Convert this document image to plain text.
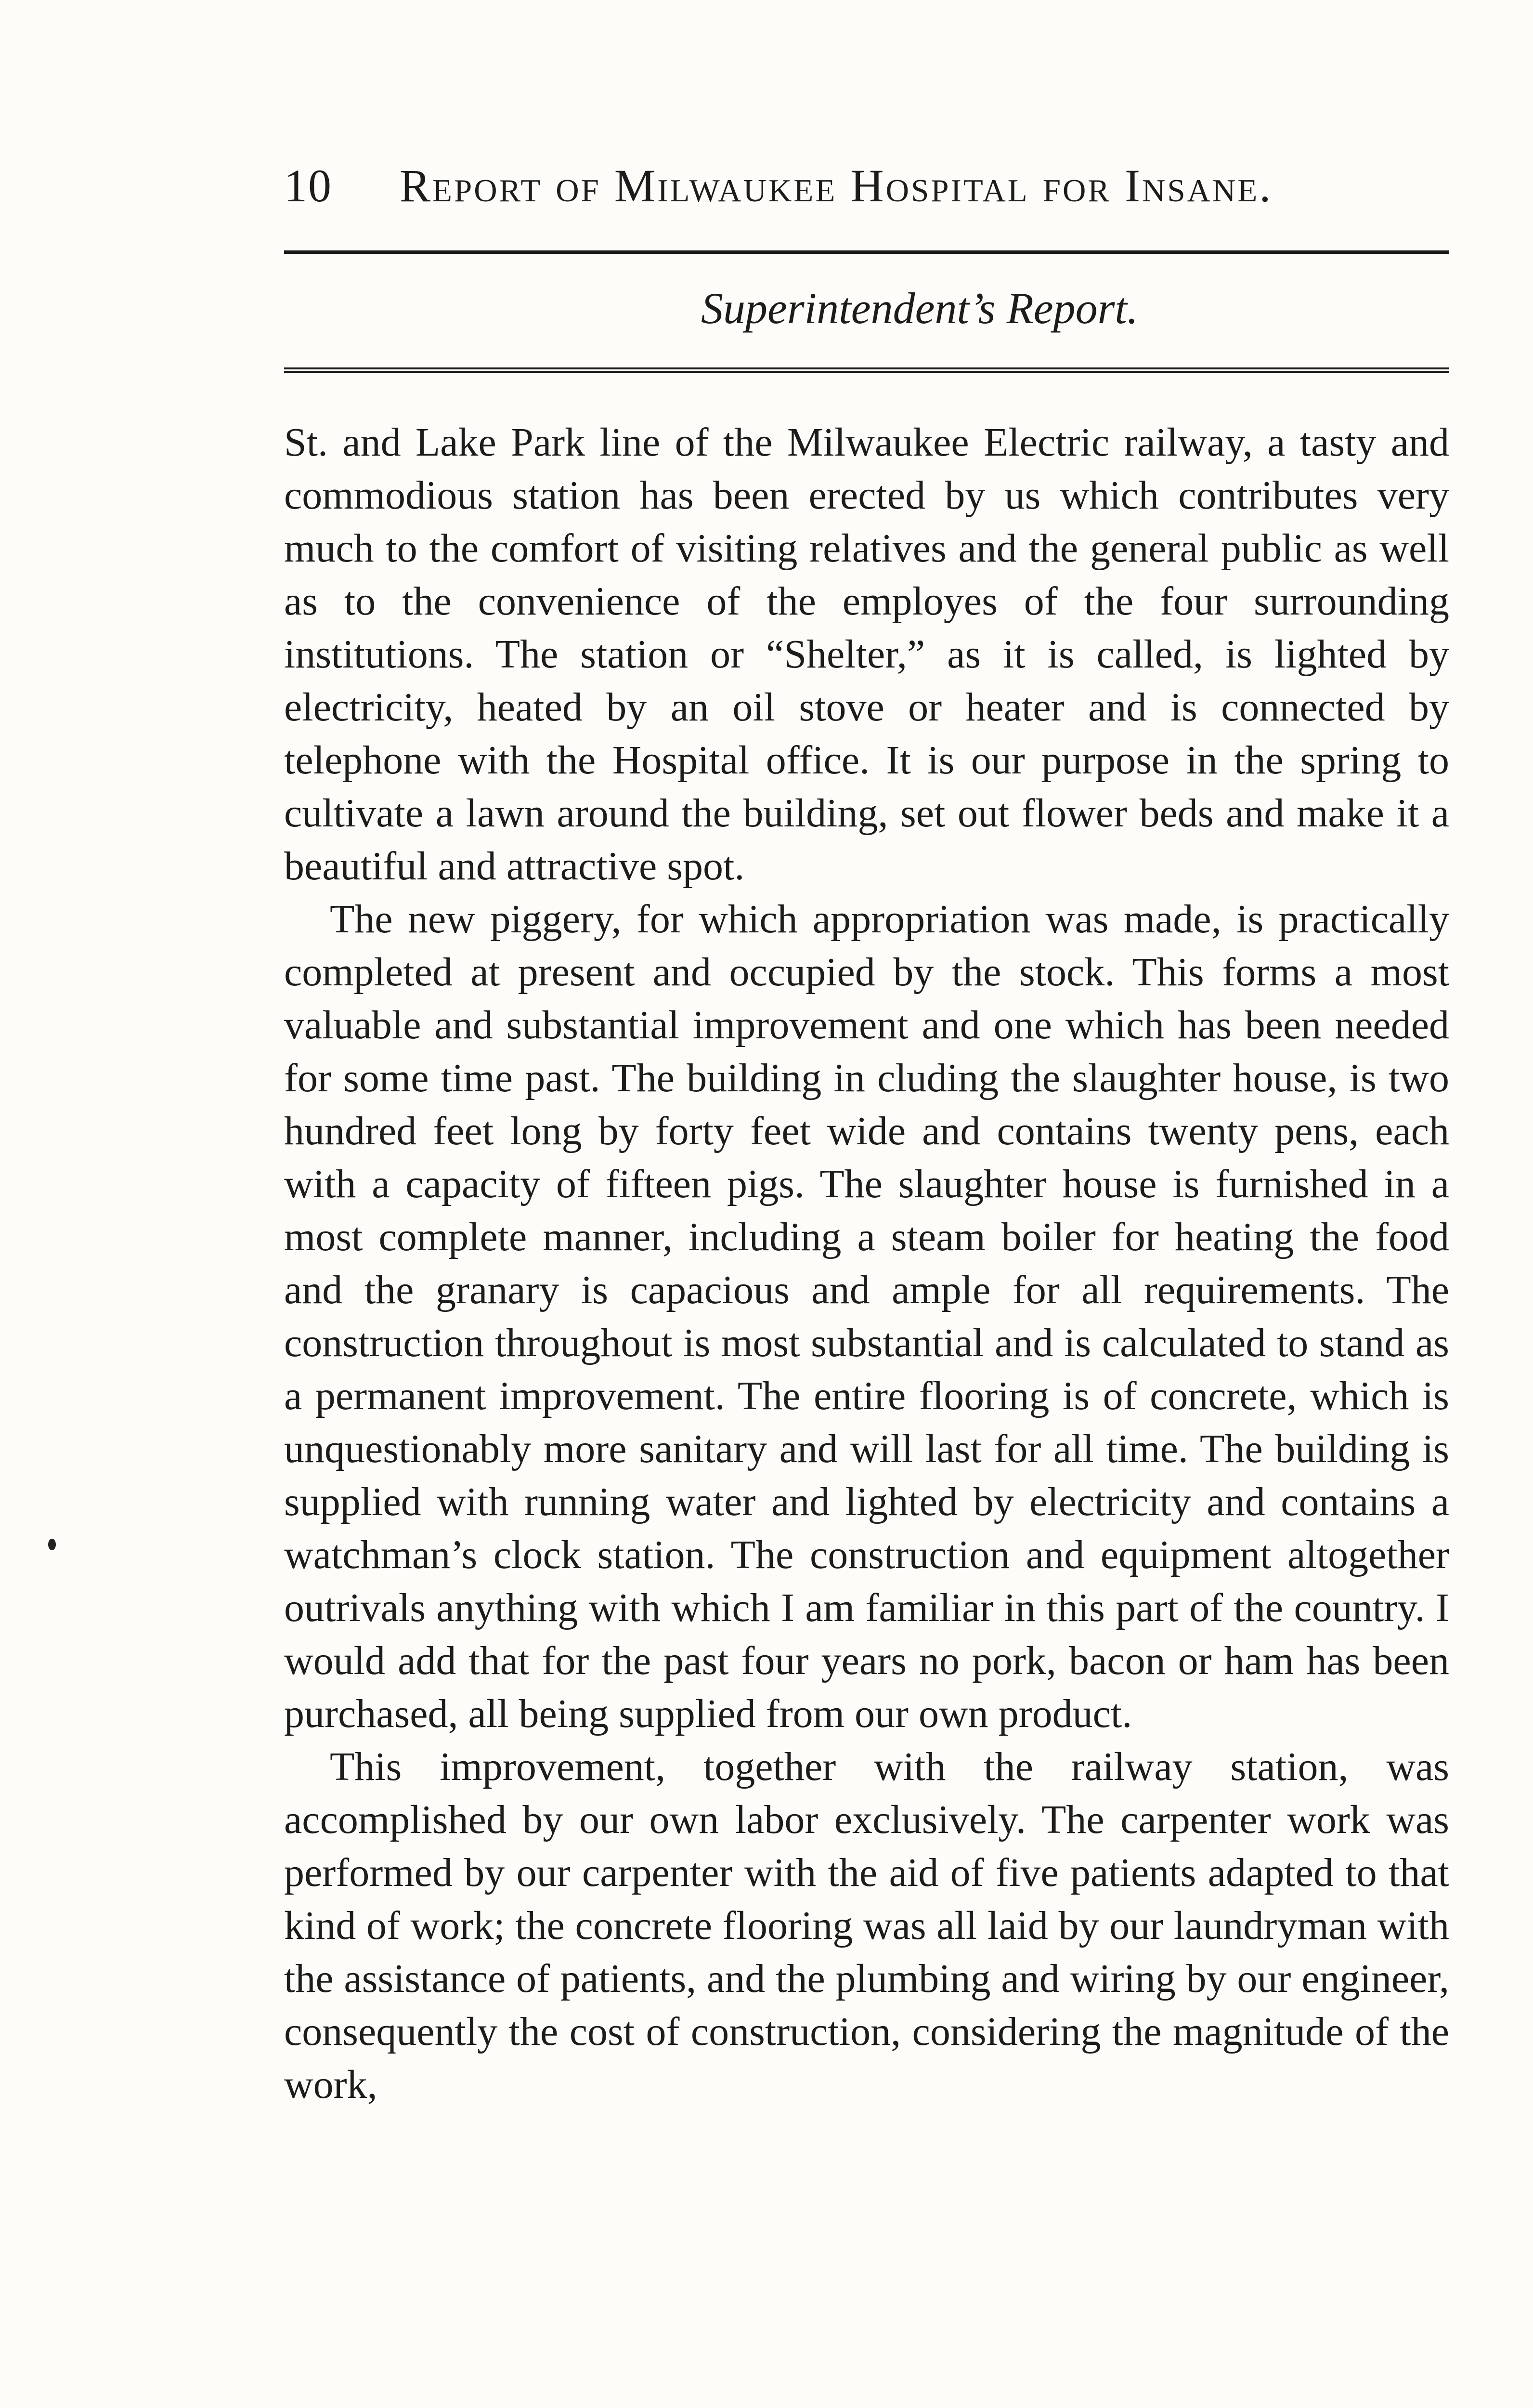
10	Report of Milwaukee Hospital for Insane.
Superintendent’s Report.

St. and Lake Park line of the Milwaukee Electric railway, a tasty and commodious station has been erected by us which contributes very much to the comfort of visiting relatives and the general public as well as to the convenience of the employes of the four surrounding institutions. The station or “Shelter,” as it is called, is lighted by electricity, heated by an oil stove or heater and is connected by telephone with the Hospital office. It is our purpose in the spring to cultivate a lawn around the building, set out flower beds and make it a beautiful and attractive spot.

The new piggery, for which appropriation was made, is practically completed at present and occupied by the stock. This forms a most valuable and substantial improvement and one which has been needed for some time past. The building in cluding the slaughter house, is two hundred feet long by forty feet wide and contains twenty pens, each with a capacity of fifteen pigs. The slaughter house is furnished in a most complete manner, including a steam boiler for heating the food and the granary is capacious and ample for all requirements. The construction throughout is most substantial and is calculated to stand as a permanent improvement. The entire flooring is of concrete, which is unquestionably more sanitary and will last for all time. The building is supplied with running water and lighted by electricity and contains a watchman’s clock station. The construction and equipment altogether outrivals anything with which I am familiar in this part of the country. I would add that for the past four years no pork, bacon or ham has been purchased, all being supplied from our own product.

This improvement, together with the railway station, was accomplished by our own labor exclusively. The carpenter work was performed by our carpenter with the aid of five patients adapted to that kind of work; the concrete flooring was all laid by our laundryman with the assistance of patients, and the plumbing and wiring by our engineer, consequently the cost of construction, considering the magnitude of the work,
